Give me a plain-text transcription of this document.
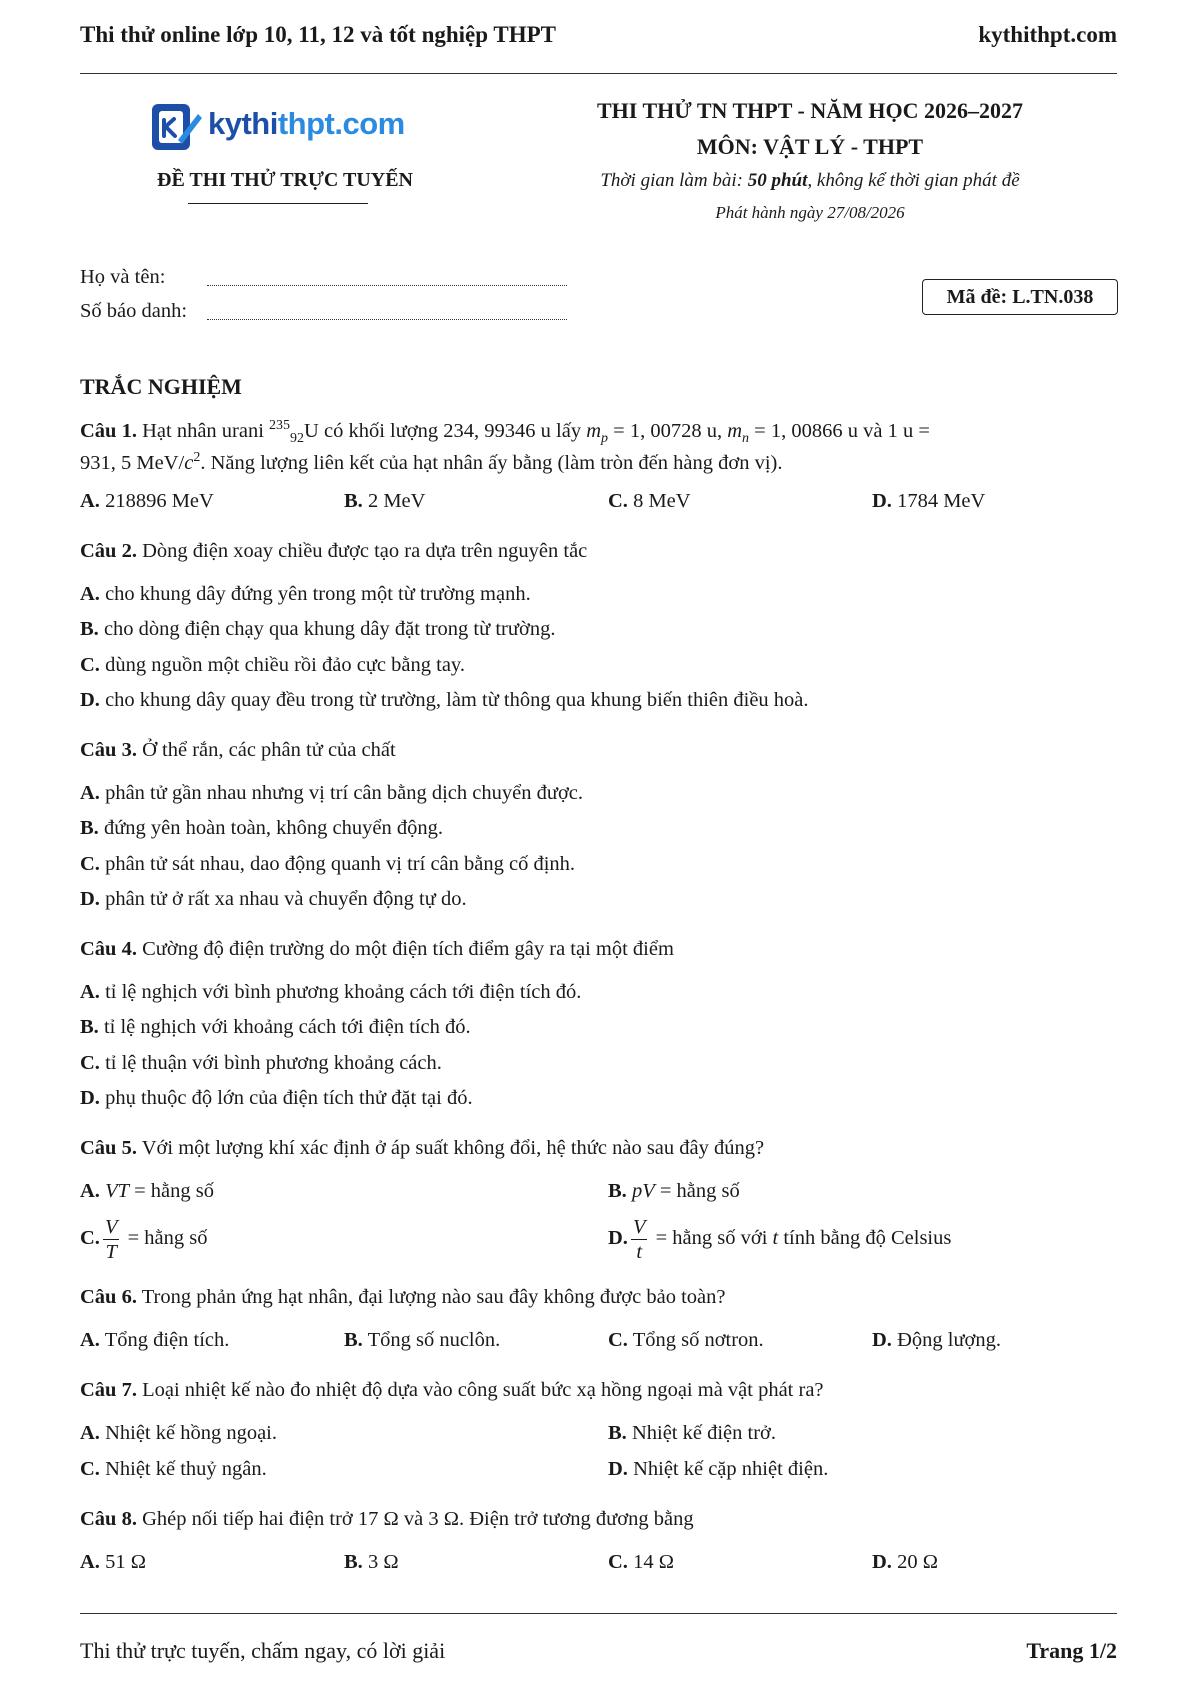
Thi thử online lớp 10, 11, 12 và tốt nghiệp THPT	kythithpt.com
kythithpt.com
ĐỀ THI THỬ TRỰC TUYẾN
THI THỬ TN THPT - NĂM HỌC 2026–2027
MÔN: VẬT LÝ - THPT
Thời gian làm bài: 50 phút, không kể thời gian phát đề
Phát hành ngày 27/08/2026
Họ và tên:
Số báo danh:
Mã đề: L.TN.038
TRẮC NGHIỆM
Câu 1. Hạt nhân urani $^{235}_{92}$U có khối lượng 234, 99346 u lấy $m_p = 1$, 00728 u, $m_n = 1$, 00866 u và 1 u =
931, 5 MeV/$c^2$. Năng lượng liên kết của hạt nhân ấy bằng (làm tròn đến hàng đơn vị).
A. 218896 MeV	B. 2 MeV	C. 8 MeV	D. 1784 MeV
Câu 2. Dòng điện xoay chiều được tạo ra dựa trên nguyên tắc
A. cho khung dây đứng yên trong một từ trường mạnh.
B. cho dòng điện chạy qua khung dây đặt trong từ trường.
C. dùng nguồn một chiều rồi đảo cực bằng tay.
D. cho khung dây quay đều trong từ trường, làm từ thông qua khung biến thiên điều hoà.
Câu 3. Ở thể rắn, các phân tử của chất
A. phân tử gần nhau nhưng vị trí cân bằng dịch chuyển được.
B. đứng yên hoàn toàn, không chuyển động.
C. phân tử sát nhau, dao động quanh vị trí cân bằng cố định.
D. phân tử ở rất xa nhau và chuyển động tự do.
Câu 4. Cường độ điện trường do một điện tích điểm gây ra tại một điểm
A. tỉ lệ nghịch với bình phương khoảng cách tới điện tích đó.
B. tỉ lệ nghịch với khoảng cách tới điện tích đó.
C. tỉ lệ thuận với bình phương khoảng cách.
D. phụ thuộc độ lớn của điện tích thử đặt tại đó.
Câu 5. Với một lượng khí xác định ở áp suất không đổi, hệ thức nào sau đây đúng?
A. VT = hằng số	B. pV = hằng số
C. $\frac{V}{T}$ = hằng số	D. $\frac{V}{t}$ = hằng số với t tính bằng độ Celsius
Câu 6. Trong phản ứng hạt nhân, đại lượng nào sau đây không được bảo toàn?
A. Tổng điện tích.	B. Tổng số nuclôn.	C. Tổng số nơtron.	D. Động lượng.
Câu 7. Loại nhiệt kế nào đo nhiệt độ dựa vào công suất bức xạ hồng ngoại mà vật phát ra?
A. Nhiệt kế hồng ngoại.	B. Nhiệt kế điện trở.
C. Nhiệt kế thuỷ ngân.	D. Nhiệt kế cặp nhiệt điện.
Câu 8. Ghép nối tiếp hai điện trở 17 Ω và 3 Ω. Điện trở tương đương bằng
A. 51 Ω	B. 3 Ω	C. 14 Ω	D. 20 Ω
Thi thử trực tuyến, chấm ngay, có lời giải	Trang 1/2
